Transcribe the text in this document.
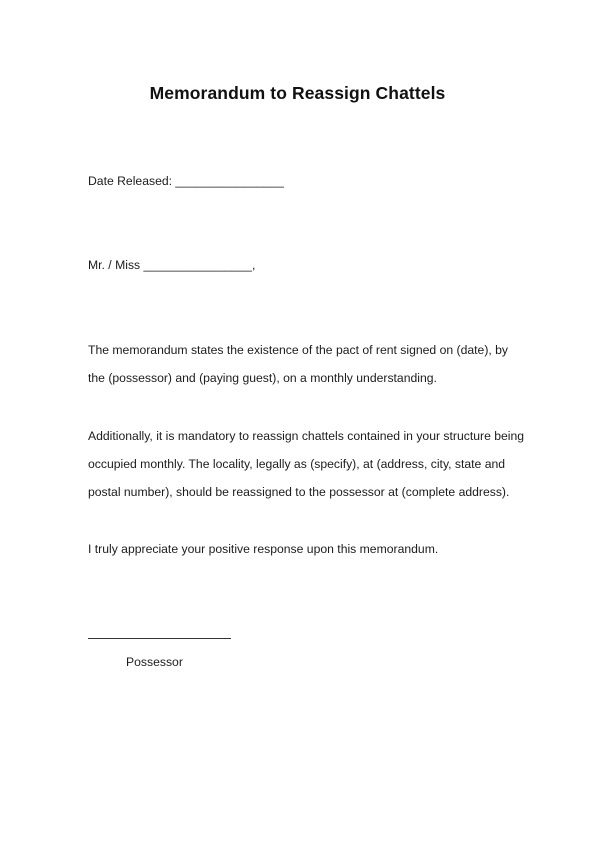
Memorandum to Reassign Chattels
Date Released: ________________
Mr. / Miss ________________,
The memorandum states the existence of the pact of rent signed on (date), by
the (possessor) and (paying guest), on a monthly understanding.
Additionally, it is mandatory to reassign chattels contained in your structure being
occupied monthly. The locality, legally as (specify), at (address, city, state and
postal number), should be reassigned to the possessor at (complete address).
I truly appreciate your positive response upon this memorandum.
Possessor
